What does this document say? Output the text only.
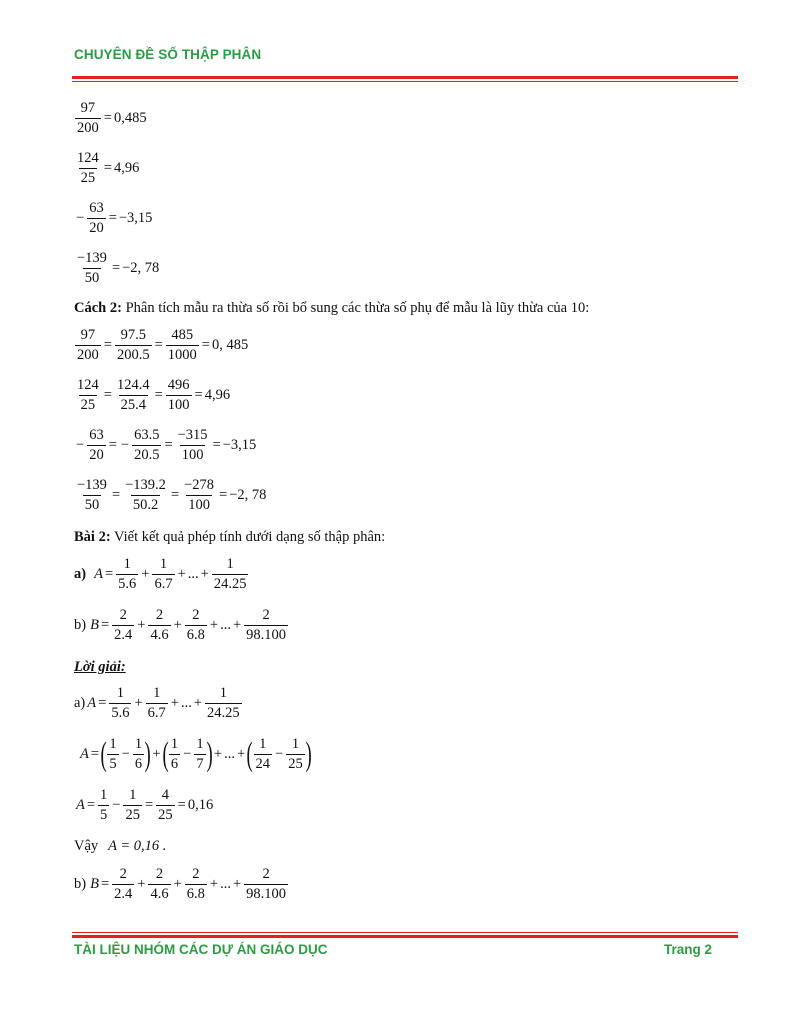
CHUYÊN ĐỀ SỐ THẬP PHÂN
$\frac{97}{200} = 0,485$
$\frac{124}{25} = 4,96$
− $\frac{63}{20} = -3,15$
$\frac{-139}{50} = -2$, 78
Cách 2: Phân tích mẫu ra thừa số rồi bổ sung các thừa số phụ để mẫu là lũy thừa của 10:
$\frac{97}{200} = \frac{97.5}{200.5} = \frac{485}{1000} = 0$, 485
$\frac{124}{25} = \frac{124.4}{25.4} = \frac{496}{100} = 4,96$
− $\frac{63}{20}$ = − $\frac{63.5}{20.5} = \frac{-315}{100} = -3,15$
$\frac{-139}{50} = \frac{-139.2}{50.2} = \frac{-278}{100} = -2$, 78
Bài 2: Viết kết quả phép tính dưới dạng số thập phân:
a) $A = \frac{1}{5.6} + \frac{1}{6.7}$ + ... + $\frac{1}{24.25}$
b) $B = \frac{2}{2.4} + \frac{2}{4.6} + \frac{2}{6.8}$ + ... + $\frac{2}{98.100}$
Lời giải:
a) $A = \frac{1}{5.6} + \frac{1}{6.7}$ + ... + $\frac{1}{24.25}$
A = ( $\frac{1}{5} - \frac{1}{6}$ ) + ( $\frac{1}{6} - \frac{1}{7}$ ) + ... + ( $\frac{1}{24} - \frac{1}{25}$ )
$A = \frac{1}{5} - \frac{1}{25} = \frac{4}{25} = 0,16$
Vậy A = 0,16 .
b) $B = \frac{2}{2.4} + \frac{2}{4.6} + \frac{2}{6.8}$ + ... + $\frac{2}{98.100}$
TÀI LIỆU NHÓM CÁC DỰ ÁN GIÁO DỤC	Trang 2
